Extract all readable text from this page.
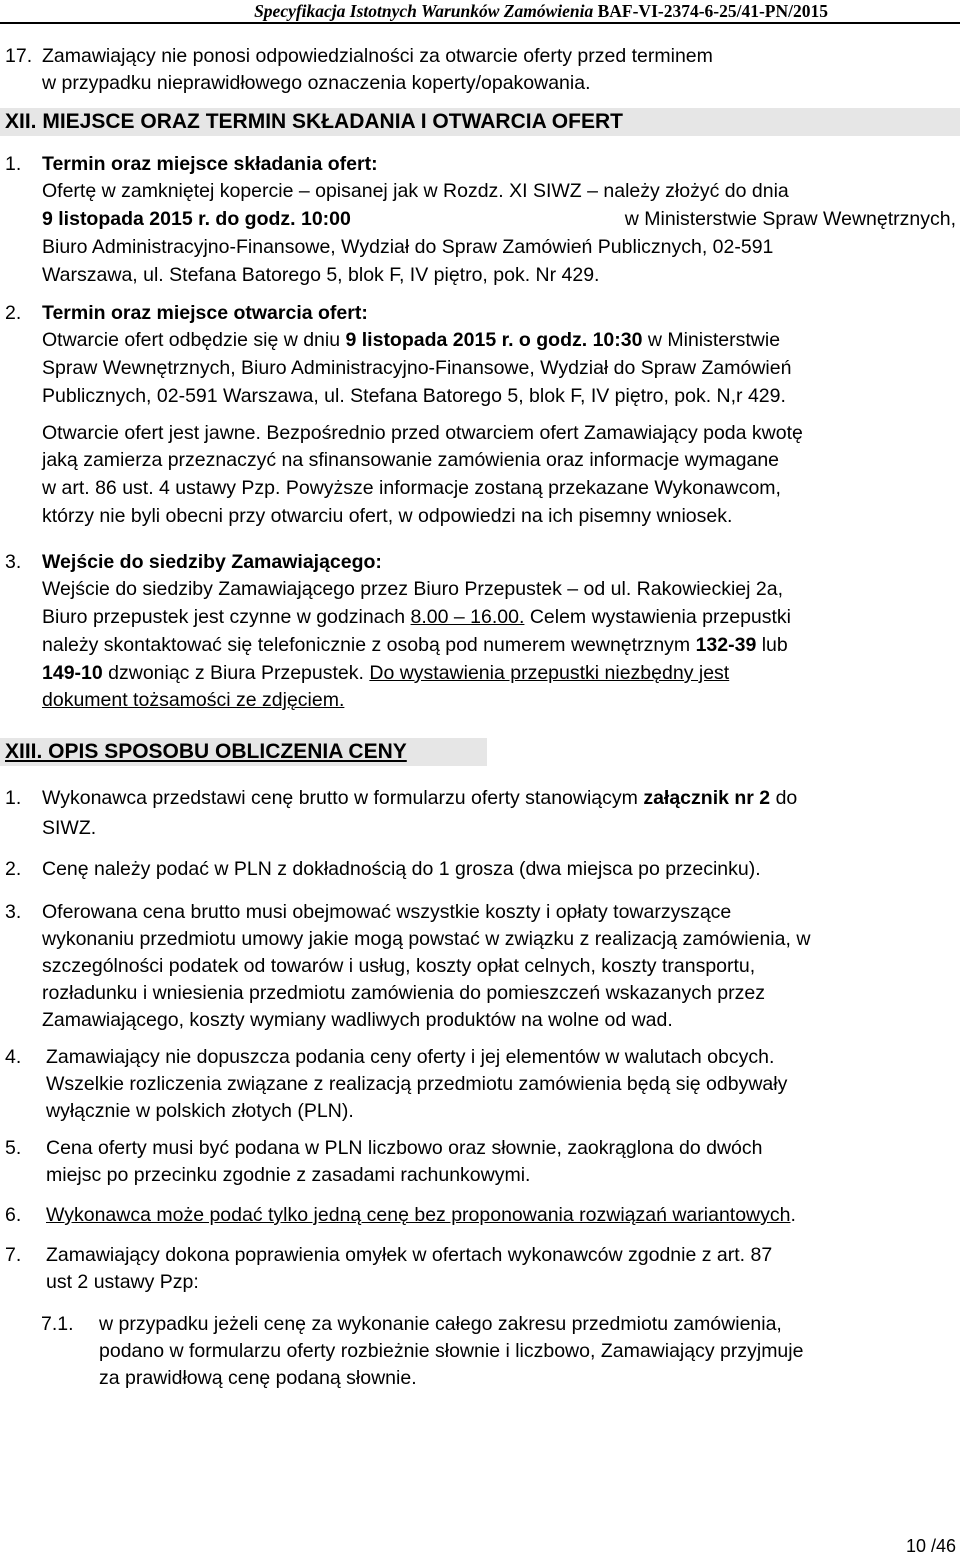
Specyfikacja Istotnych Warunków Zamówienia BAF-VI-2374-6-25/41-PN/2015
17. Zamawiający nie ponosi odpowiedzialności za otwarcie oferty przed terminem
w przypadku nieprawidłowego oznaczenia koperty/opakowania.
XII. MIEJSCE ORAZ TERMIN SKŁADANIA I OTWARCIA OFERT
1. Termin oraz miejsce składania ofert:
Ofertę w zamkniętej kopercie – opisanej jak w Rozdz. XI SIWZ – należy złożyć do dnia
9 listopada 2015 r. do godz. 10:00	w Ministerstwie Spraw Wewnętrznych,
Biuro Administracyjno-Finansowe, Wydział do Spraw Zamówień Publicznych, 02-591
Warszawa, ul. Stefana Batorego 5, blok F, IV piętro, pok. Nr 429.
2. Termin oraz miejsce otwarcia ofert:
Otwarcie ofert odbędzie się w dniu 9 listopada 2015 r. o godz. 10:30 w Ministerstwie
Spraw Wewnętrznych, Biuro Administracyjno-Finansowe, Wydział do Spraw Zamówień
Publicznych, 02-591 Warszawa, ul. Stefana Batorego 5, blok F, IV piętro, pok. N,r 429.
Otwarcie ofert jest jawne. Bezpośrednio przed otwarciem ofert Zamawiający poda kwotę
jaką zamierza przeznaczyć na sfinansowanie zamówienia oraz informacje wymagane
w art. 86 ust. 4 ustawy Pzp. Powyższe informacje zostaną przekazane Wykonawcom,
którzy nie byli obecni przy otwarciu ofert, w odpowiedzi na ich pisemny wniosek.
3. Wejście do siedziby Zamawiającego:
Wejście do siedziby Zamawiającego przez Biuro Przepustek – od ul. Rakowieckiej 2a,
Biuro przepustek jest czynne w godzinach 8.00 – 16.00. Celem wystawienia przepustki
należy skontaktować się telefonicznie z osobą pod numerem wewnętrznym 132-39 lub
149-10 dzwoniąc z Biura Przepustek. Do wystawienia przepustki niezbędny jest
dokument tożsamości ze zdjęciem.
XIII. OPIS SPOSOBU OBLICZENIA CENY
1. Wykonawca przedstawi cenę brutto w formularzu oferty stanowiącym załącznik nr 2 do
SIWZ.
2. Cenę należy podać w PLN z dokładnością do 1 grosza (dwa miejsca po przecinku).
3. Oferowana cena brutto musi obejmować wszystkie koszty i opłaty towarzyszące
wykonaniu przedmiotu umowy jakie mogą powstać w związku z realizacją zamówienia, w
szczególności podatek od towarów i usług, koszty opłat celnych, koszty transportu,
rozładunku i wniesienia przedmiotu zamówienia do pomieszczeń wskazanych przez
Zamawiającego, koszty wymiany wadliwych produktów na wolne od wad.
4. Zamawiający nie dopuszcza podania ceny oferty i jej elementów w walutach obcych.
Wszelkie rozliczenia związane z realizacją przedmiotu zamówienia będą się odbywały
wyłącznie w polskich złotych (PLN).
5. Cena oferty musi być podana w PLN liczbowo oraz słownie, zaokrąglona do dwóch
miejsc po przecinku zgodnie z zasadami rachunkowymi.
6. Wykonawca może podać tylko jedną cenę bez proponowania rozwiązań wariantowych.
7. Zamawiający dokona poprawienia omyłek w ofertach wykonawców zgodnie z art. 87
ust 2 ustawy Pzp:
7.1. w przypadku jeżeli cenę za wykonanie całego zakresu przedmiotu zamówienia,
podano w formularzu oferty rozbieżnie słownie i liczbowo, Zamawiający przyjmuje
za prawidłową cenę podaną słownie.
10 /46
